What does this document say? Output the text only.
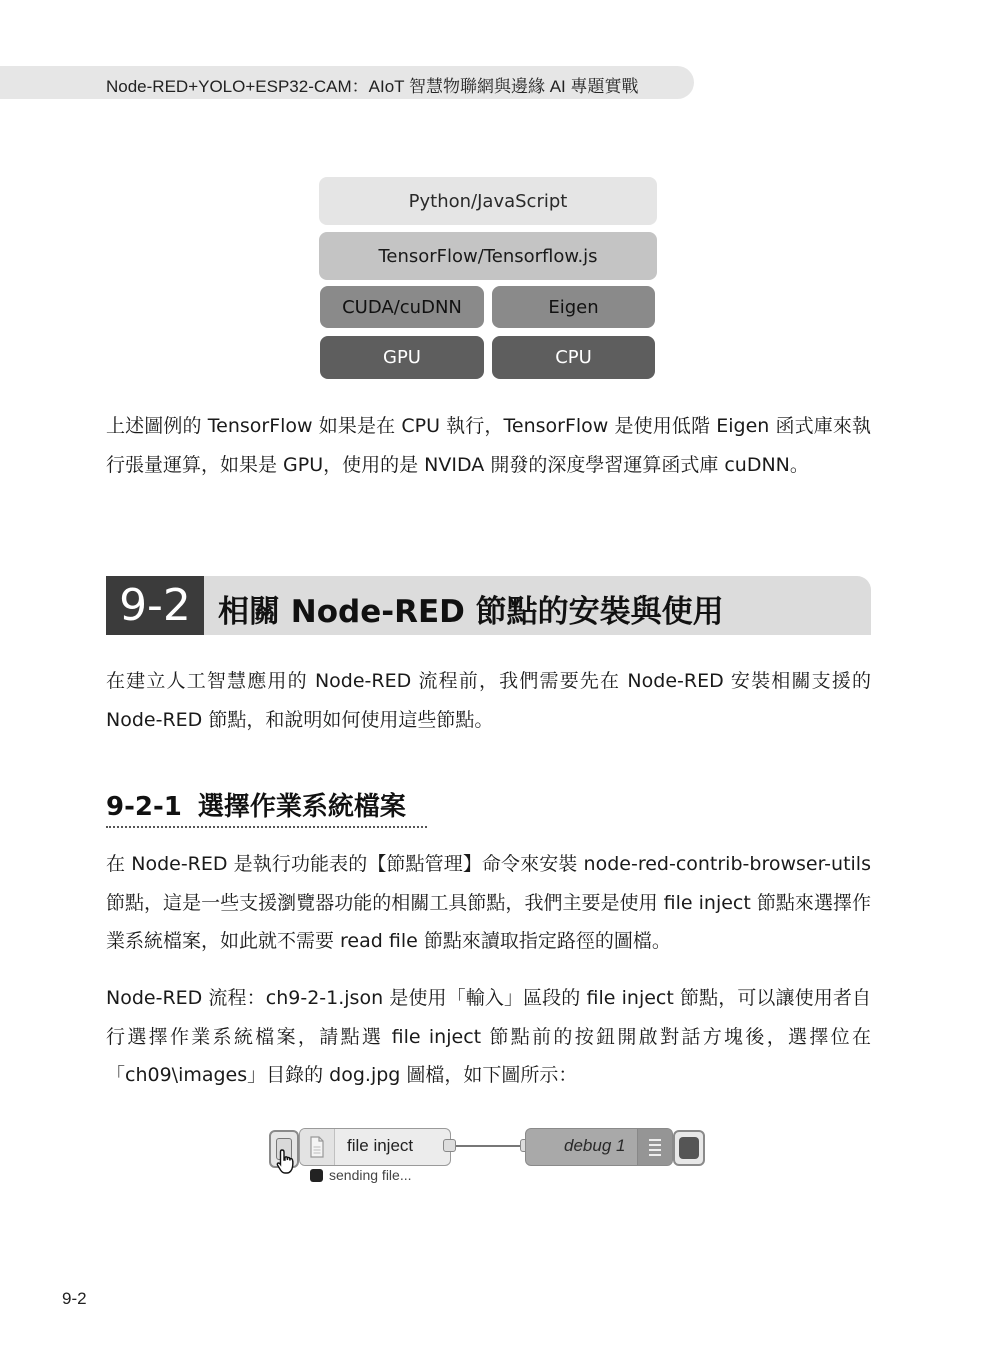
Node-RED+YOLO+ESP32-CAM：AIoT 智慧物聯網與邊緣 AI 專題實戰
Python/JavaScript
TensorFlow/Tensorflow.js
CUDA/cuDNN	Eigen
GPU	CPU
上述圖例的 TensorFlow 如果是在 CPU 執行，TensorFlow 是使用低階 Eigen 函式庫來執行張量運算，如果是 GPU，使用的是 NVIDA 開發的深度學習運算函式庫 cuDNN。
9-2 相關 Node-RED 節點的安裝與使用
在建立人工智慧應用的 Node-RED 流程前，我們需要先在 Node-RED 安裝相關支援的 Node-RED 節點，和說明如何使用這些節點。
9-2-1 選擇作業系統檔案
在 Node-RED 是執行功能表的【節點管理】命令來安裝 node-red-contrib-browser-utils 節點，這是一些支援瀏覽器功能的相關工具節點，我們主要是使用 file inject 節點來選擇作業系統檔案，如此就不需要 read file 節點來讀取指定路徑的圖檔。
Node-RED 流程：ch9-2-1.json 是使用「輸入」區段的 file inject 節點，可以讓使用者自行選擇作業系統檔案，請點選 file inject 節點前的按鈕開啟對話方塊後，選擇位在「ch09\images」目錄的 dog.jpg 圖檔，如下圖所示：
file inject	debug 1
sending file...
9-2
